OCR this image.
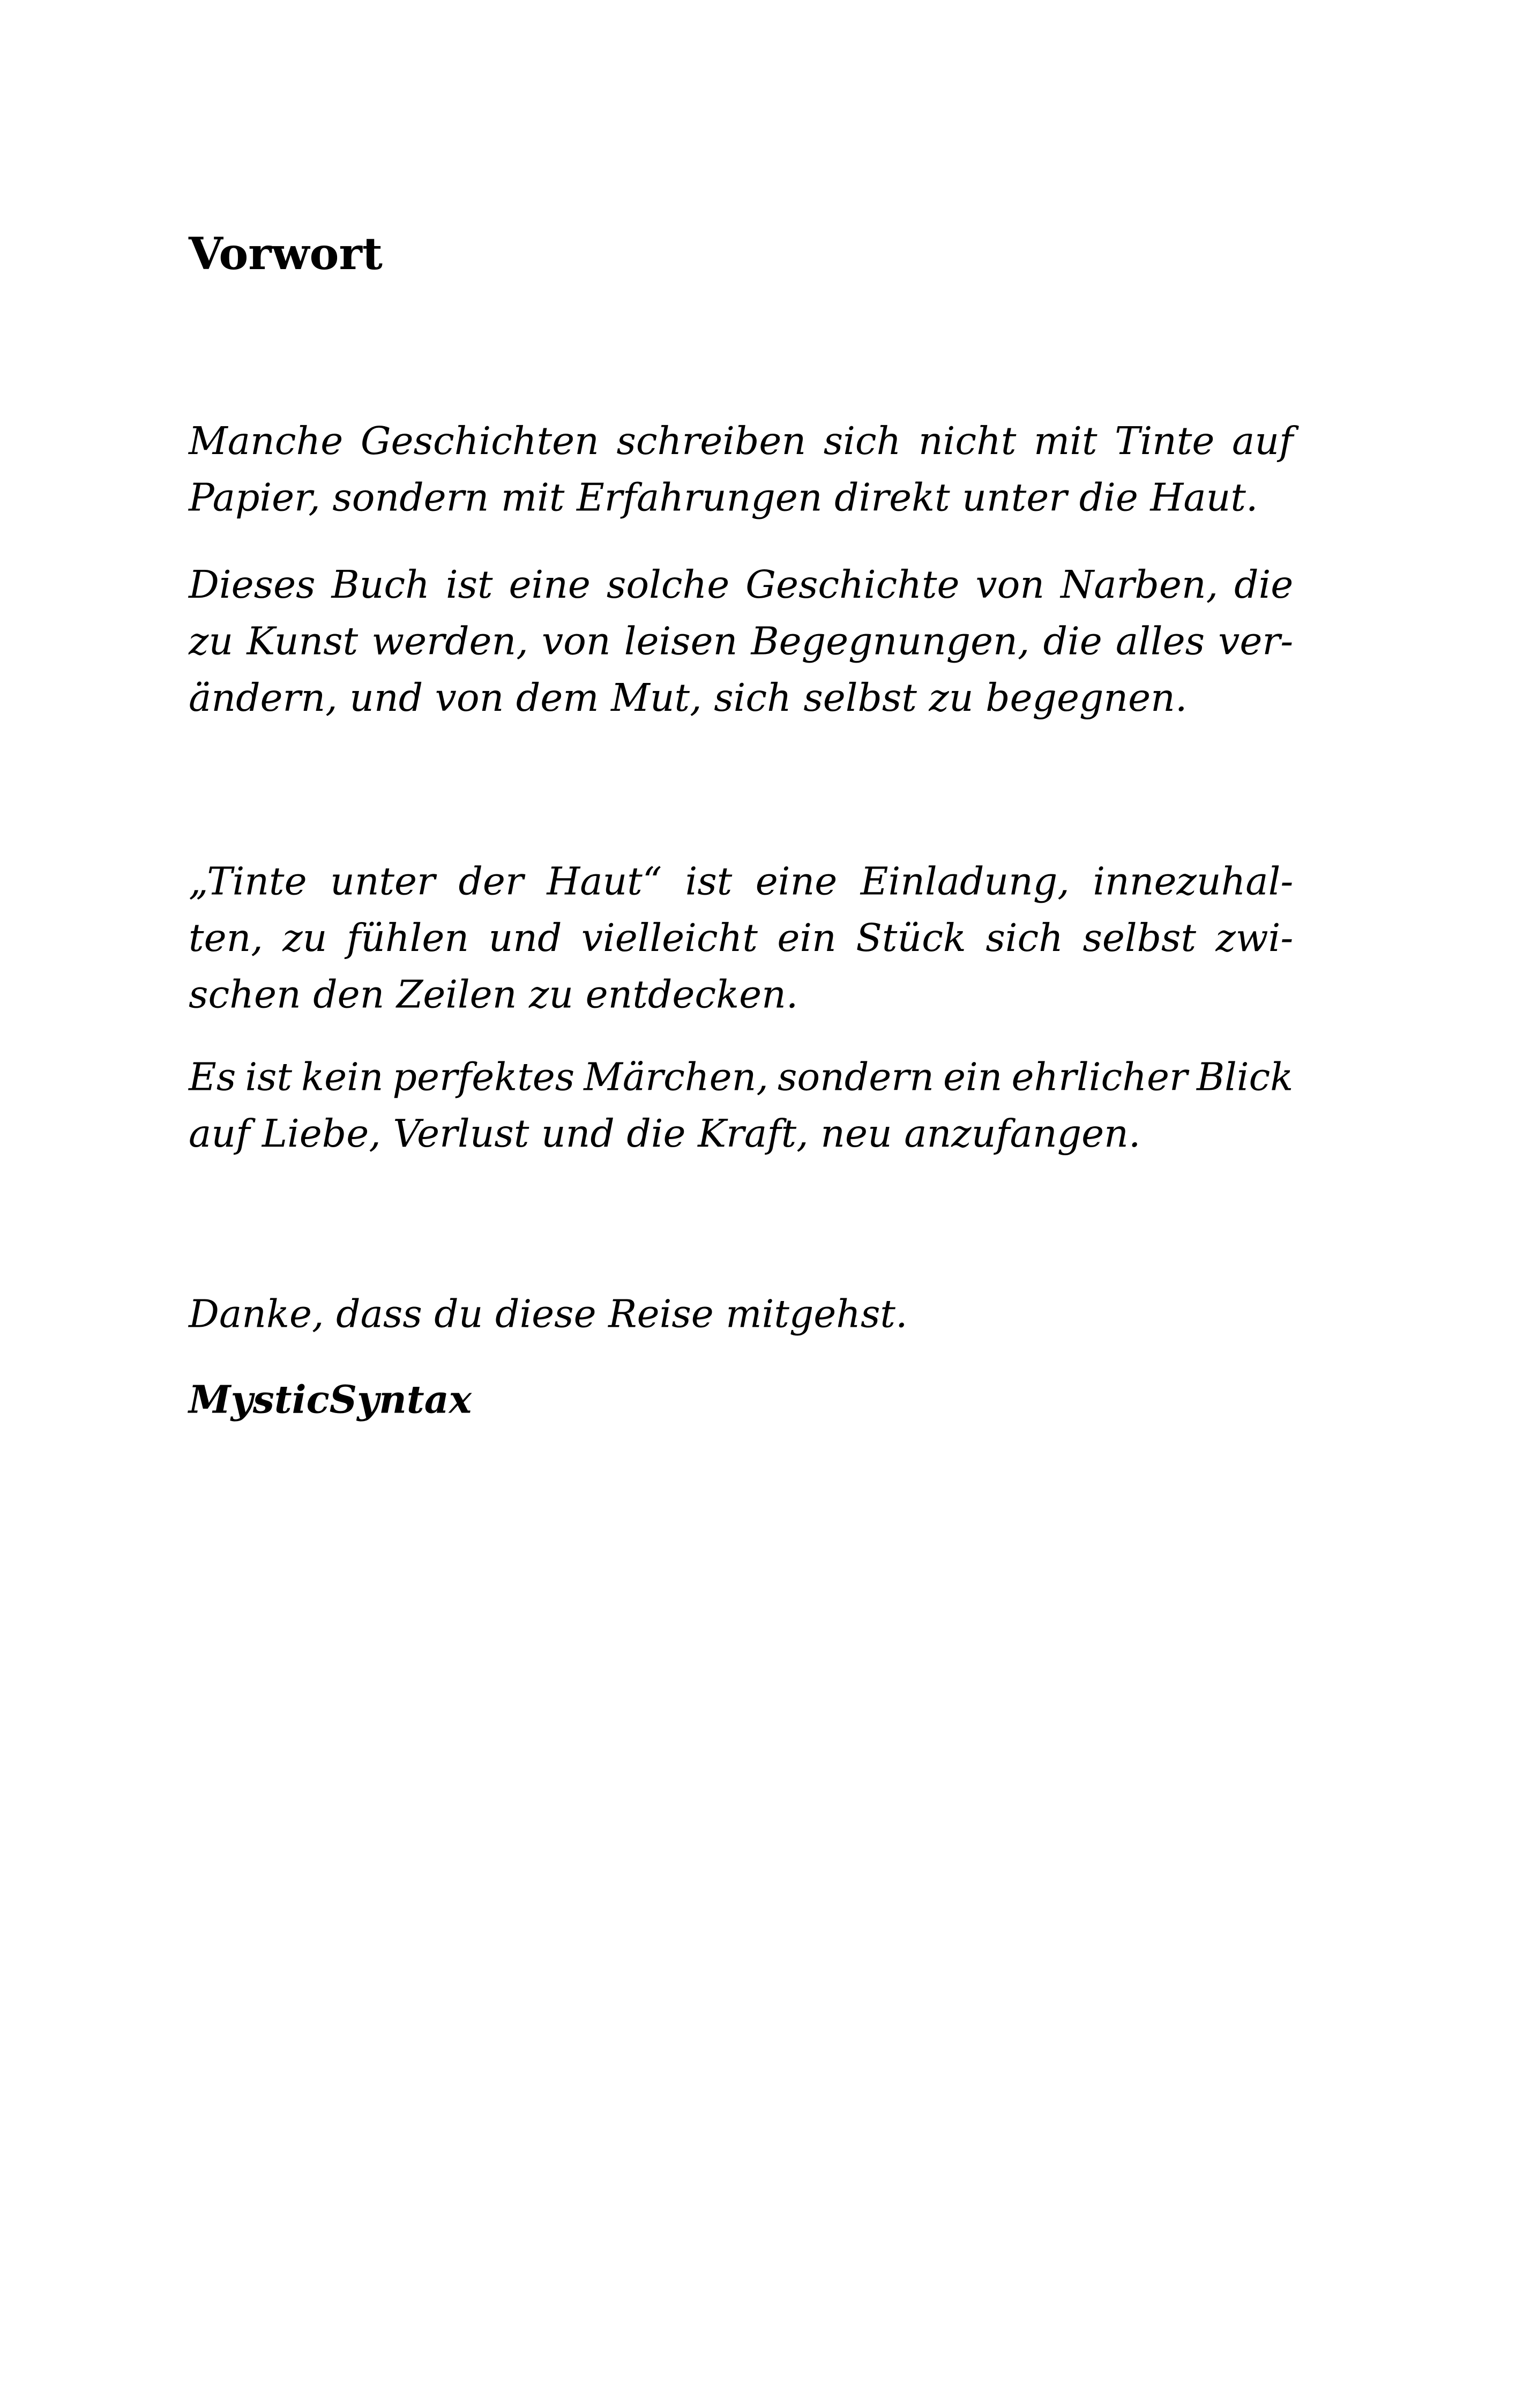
Vorwort

Manche Geschichten schreiben sich nicht mit Tinte auf
Papier, sondern mit Erfahrungen direkt unter die Haut.

Dieses Buch ist eine solche Geschichte von Narben, die
zu Kunst werden, von leisen Begegnungen, die alles ver-
ändern, und von dem Mut, sich selbst zu begegnen.

„Tinte unter der Haut“ ist eine Einladung, innezuhal-
ten, zu fühlen und vielleicht ein Stück sich selbst zwi-
schen den Zeilen zu entdecken.

Es ist kein perfektes Märchen, sondern ein ehrlicher Blick
auf Liebe, Verlust und die Kraft, neu anzufangen.

Danke, dass du diese Reise mitgehst.

MysticSyntax
